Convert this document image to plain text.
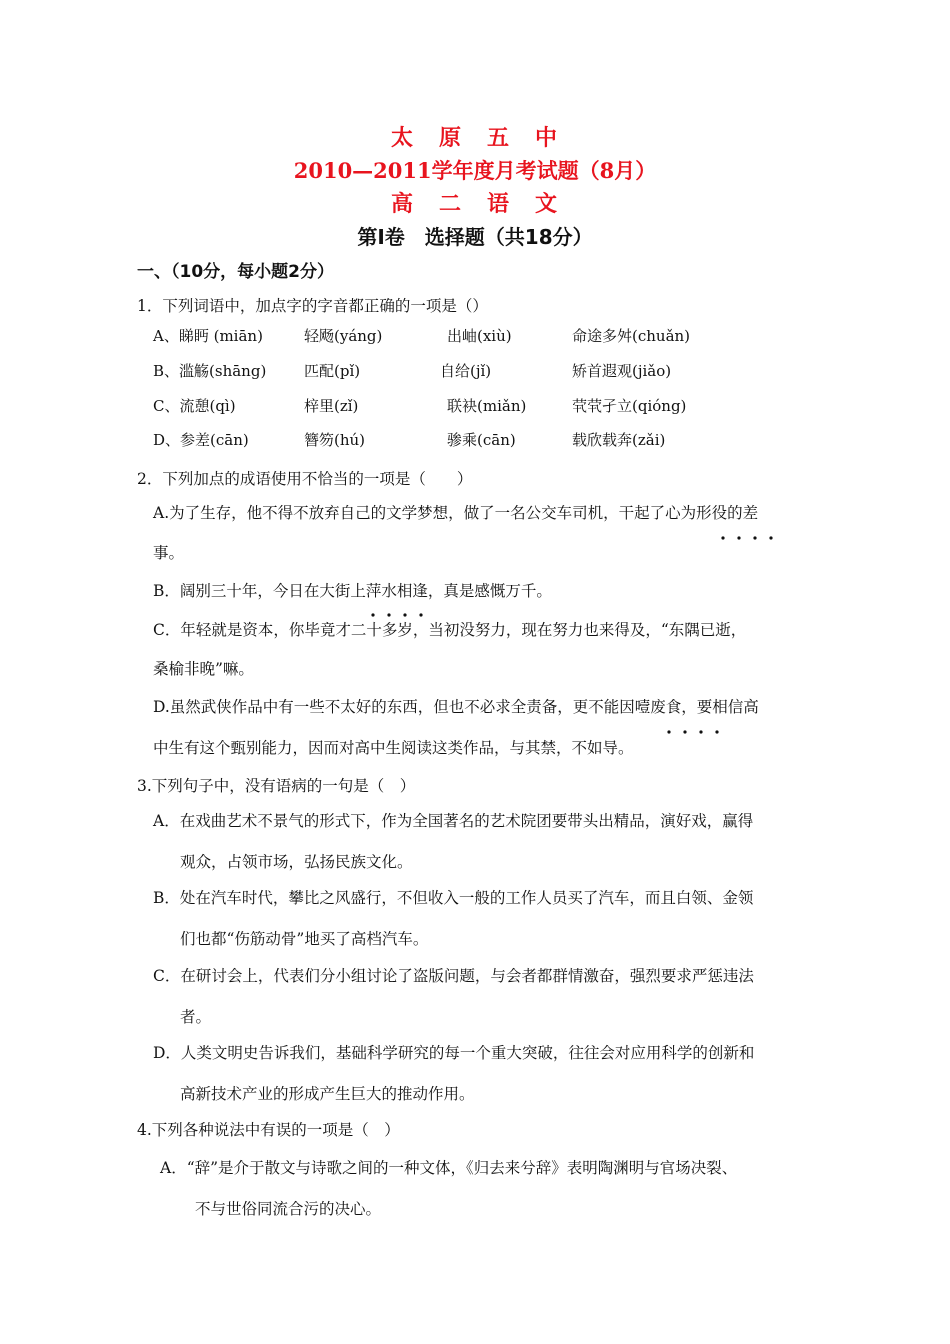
太　原　五　中
2010—2011学年度月考试题（8月）
高　二　语　文
第Ⅰ卷　选择题（共18分）
一、（10分，每小题2分）
1．下列词语中，加点字的字音都正确的一项是（）
A、睇眄 (miān)	轻飏(yáng)	出岫(xiù)	命途多舛(chuǎn)
B、滥觞(shāng)	匹配(pǐ)	自给(jǐ)	矫首遐观(jiǎo)
C、流憩(qì)	梓里(zǐ)	联袂(miǎn)	茕茕孑立(qióng)
D、参差(cān)	簪笏(hú)	骖乘(cān)	载欣载奔(zǎi)
2．下列加点的成语使用不恰当的一项是（　　）
A.为了生存，他不得不放弃自己的文学梦想，做了一名公交车司机，干起了心为形役的差
事。
B．阔别三十年，今日在大街上萍水相逢，真是感慨万千。
C．年轻就是资本，你毕竟才二十多岁，当初没努力，现在努力也来得及，“东隅已逝，
桑榆非晚”嘛。
D.虽然武侠作品中有一些不太好的东西，但也不必求全责备，更不能因噎废食，要相信高
中生有这个甄别能力，因而对高中生阅读这类作品，与其禁，不如导。
3.下列句子中，没有语病的一句是（　）
A．在戏曲艺术不景气的形式下，作为全国著名的艺术院团要带头出精品，演好戏，赢得
观众，占领市场，弘扬民族文化。
B．处在汽车时代，攀比之风盛行，不但收入一般的工作人员买了汽车，而且白领、金领
们也都“伤筋动骨”地买了高档汽车。
C．在研讨会上，代表们分小组讨论了盗版问题，与会者都群情激奋，强烈要求严惩违法
者。
D．人类文明史告诉我们，基础科学研究的每一个重大突破，往往会对应用科学的创新和
高新技术产业的形成产生巨大的推动作用。
4.下列各种说法中有误的一项是（　）
A．“辞”是介于散文与诗歌之间的一种文体，《归去来兮辞》表明陶渊明与官场决裂、
不与世俗同流合污的决心。
